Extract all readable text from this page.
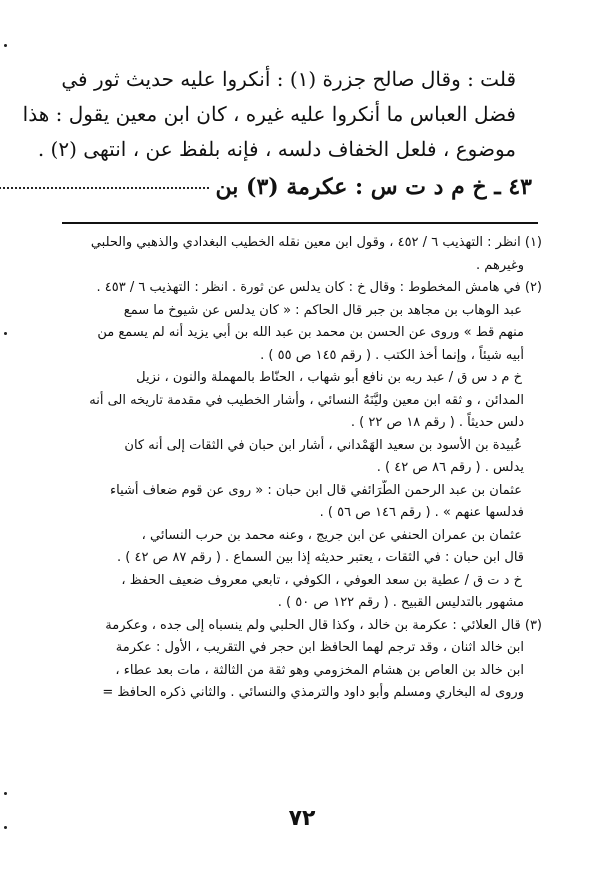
قلت : وقال صالح جزرة (١) : أنكروا عليه حديث ثور في
فضل العباس ما أنكروا عليه غيره ، كان ابن معين يقول : هذا
موضوع ، فلعل الخفاف دلسه ، فإنه بلفظ عن ، انتهى (٢) .
٤٣ ـ خ م د ت س : عكرمة (٣) بن
(١) انظر : التهذيب ٦ / ٤٥٢ ، وقول ابن معين نقله الخطيب البغدادي والذهبي والحلبي
وغيرهم .
(٢) في هامش المخطوط : وقال خ : كان يدلس عن ثورة . انظر : التهذيب ٦ / ٤٥٣ .
عبد الوهاب بن مجاهد بن جبر قال الحاكم : « كان يدلس عن شيوخ ما سمع
منهم قط » وروى عن الحسن بن محمد بن عبد الله بن أبي يزيد أنه لم يسمع من
أبيه شيئاً ، وإنما أخذ الكتب . ( رقم ١٤٥ ص ٥٥ ) .
خ م د س ق / عبد ربه بن نافع أبو شهاب ، الحنّاط بالمهملة والنون ، نزيل
المدائن ، و ثقه ابن معين وليَّنَهُ النسائي ، وأشار الخطيب في مقدمة تاريخه الى أنه
دلس حديثاً . ( رقم ١٨ ص ٢٢ ) .
عُبيدة بن الأسود بن سعيد الهَمْداني ، أشار ابن حبان في الثقات إلى أنه كان
يدلس . ( رقم ٨٦ ص ٤٢ ) .
عثمان بن عبد الرحمن الطَّرَائفي قال ابن حبان : « روى عن قوم ضعاف أشياء
فدلسها عنهم » . ( رقم ١٤٦ ص ٥٦ ) .
عثمان بن عمران الحنفي عن ابن جريج ، وعنه محمد بن حرب النسائي ،
قال ابن حبان : في الثقات ، يعتبر حديثه إذا بين السماع . ( رقم ٨٧ ص ٤٢ ) .
خ د ت ق / عطية بن سعد العوفي ، الكوفي ، تابعي معروف ضعيف الحفظ ،
مشهور بالتدليس القبيح . ( رقم ١٢٢ ص ٥٠ ) .
(٣) قال العلائي : عكرمة بن خالد ، وكذا قال الحلبي ولم ينسباه إلى جده ، وعكرمة
ابن خالد اثنان ، وقد ترجم لهما الحافظ ابن حجر في التقريب ، الأول : عكرمة
ابن خالد بن العاص بن هشام المخزومي وهو ثقة من الثالثة ، مات بعد عطاء ،
وروى له البخاري ومسلم وأبو داود والترمذي والنسائي . والثاني ذكره الحافظ =
٧٢
